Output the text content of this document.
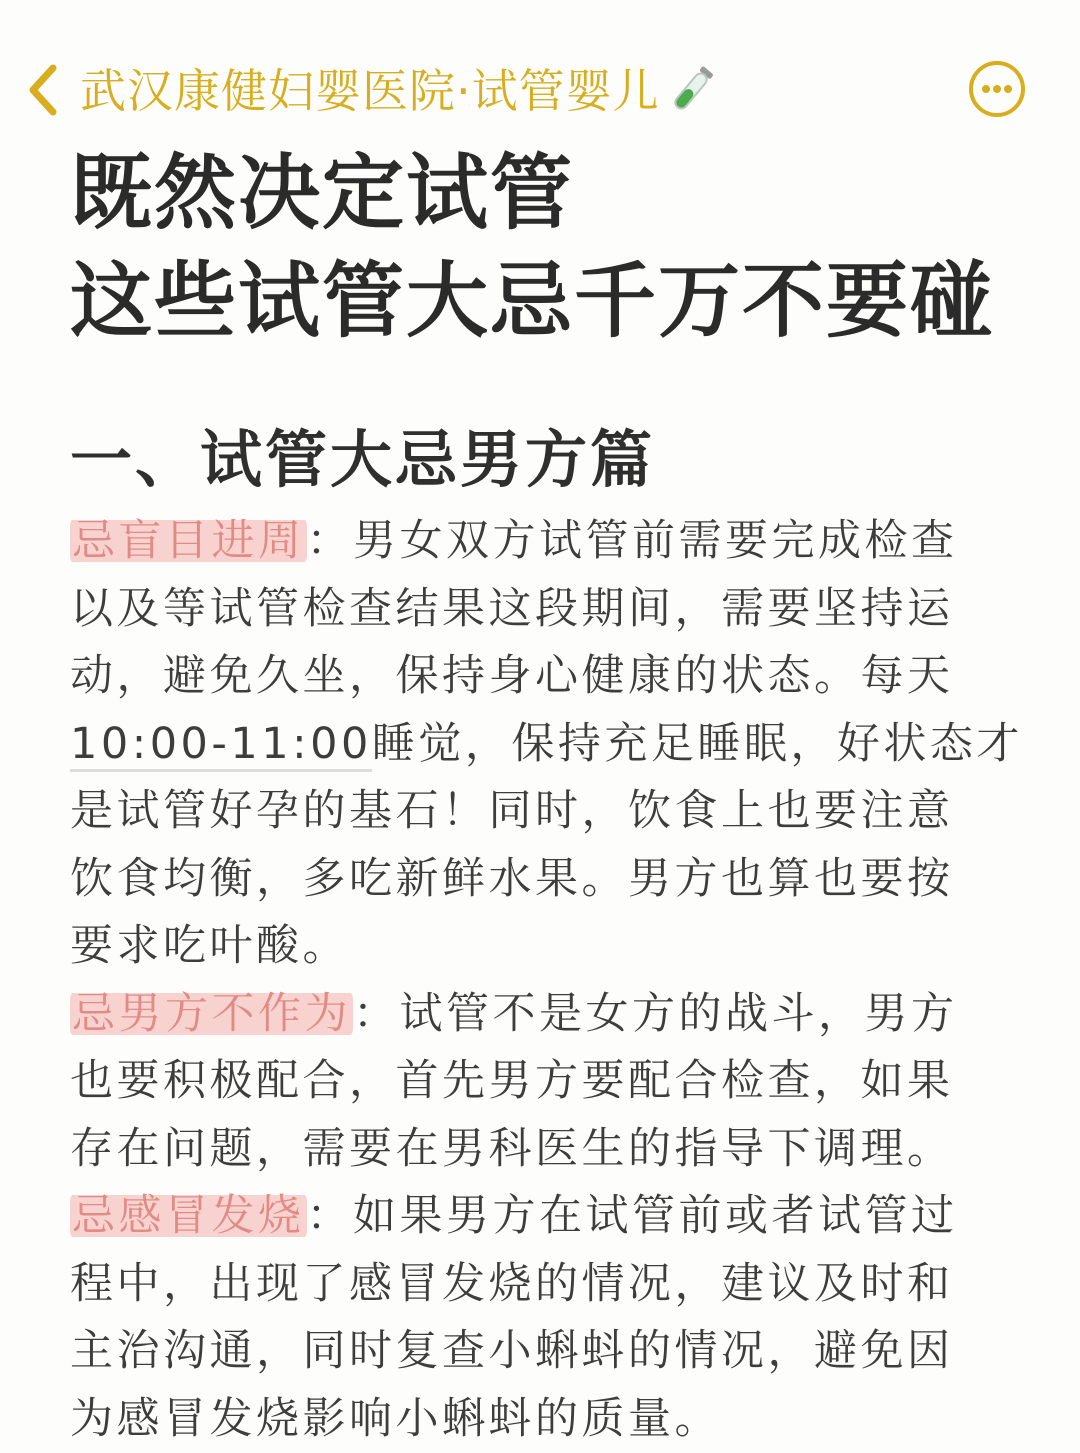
武汉康健妇婴医院·试管婴儿
既然决定试管
这些试管大忌千万不要碰
一、试管大忌男方篇
忌盲目进周：男女双方试管前需要完成检查
以及等试管检查结果这段期间，需要坚持运
动，避免久坐，保持身心健康的状态。每天
10:00-11:00睡觉，保持充足睡眠，好状态才
是试管好孕的基石！同时，饮食上也要注意
饮食均衡，多吃新鲜水果。男方也算也要按
要求吃叶酸。
忌男方不作为：试管不是女方的战斗，男方
也要积极配合，首先男方要配合检查，如果
存在问题，需要在男科医生的指导下调理。
忌感冒发烧：如果男方在试管前或者试管过
程中，出现了感冒发烧的情况，建议及时和
主治沟通，同时复查小蝌蚪的情况，避免因
为感冒发烧影响小蝌蚪的质量。
